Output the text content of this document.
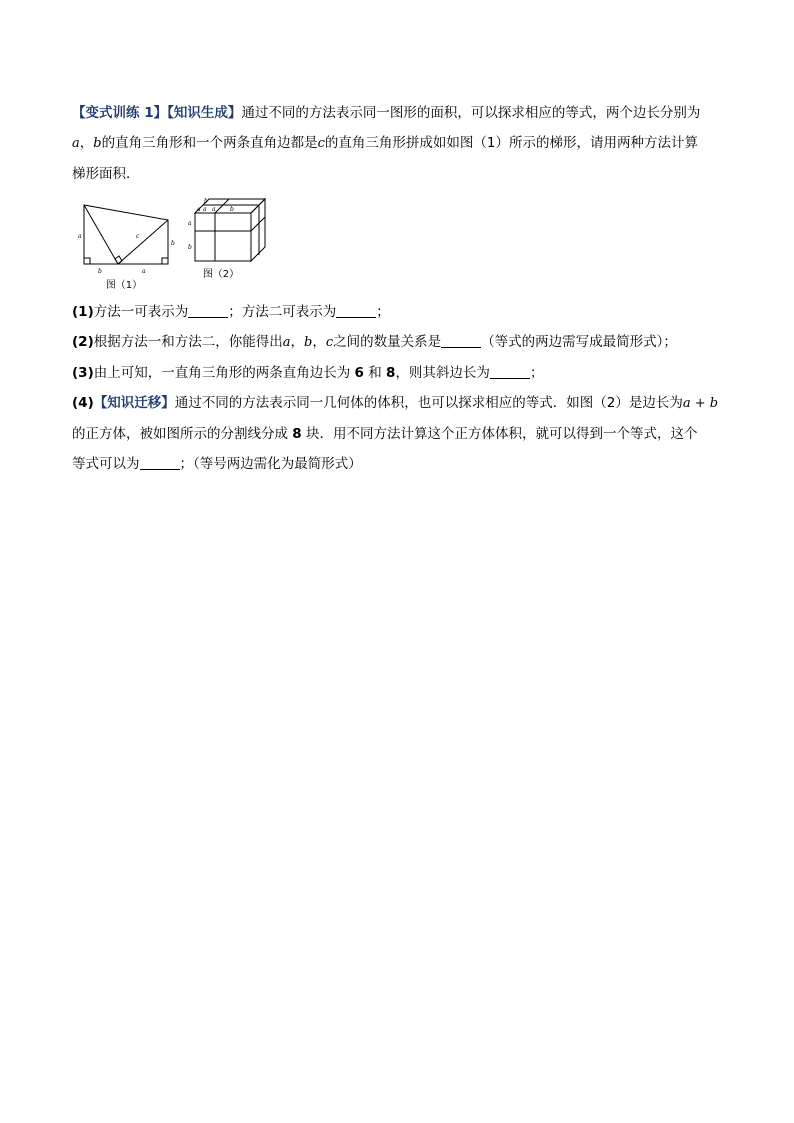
【变式训练 1】【知识生成】通过不同的方法表示同一图形的面积，可以探求相应的等式，两个边长分别为
a，b的直角三角形和一个两条直角边都是c的直角三角形拼成如如图（1）所示的梯形，请用两种方法计算
梯形面积．
a
b
c
b
a
图（1）
b
a a	b
a
a
b
图（2）
(1)方法一可表示为	；方法二可表示为	；
(2)根据方法一和方法二，你能得出a，b，c之间的数量关系是	（等式的两边需写成最简形式）；
(3)由上可知，一直角三角形的两条直角边长为 6 和 8，则其斜边长为	；
(4)【知识迁移】通过不同的方法表示同一几何体的体积，也可以探求相应的等式．如图（2）是边长为a + b
的正方体，被如图所示的分割线分成 8 块．用不同方法计算这个正方体体积，就可以得到一个等式，这个
等式可以为	；（等号两边需化为最简形式）
